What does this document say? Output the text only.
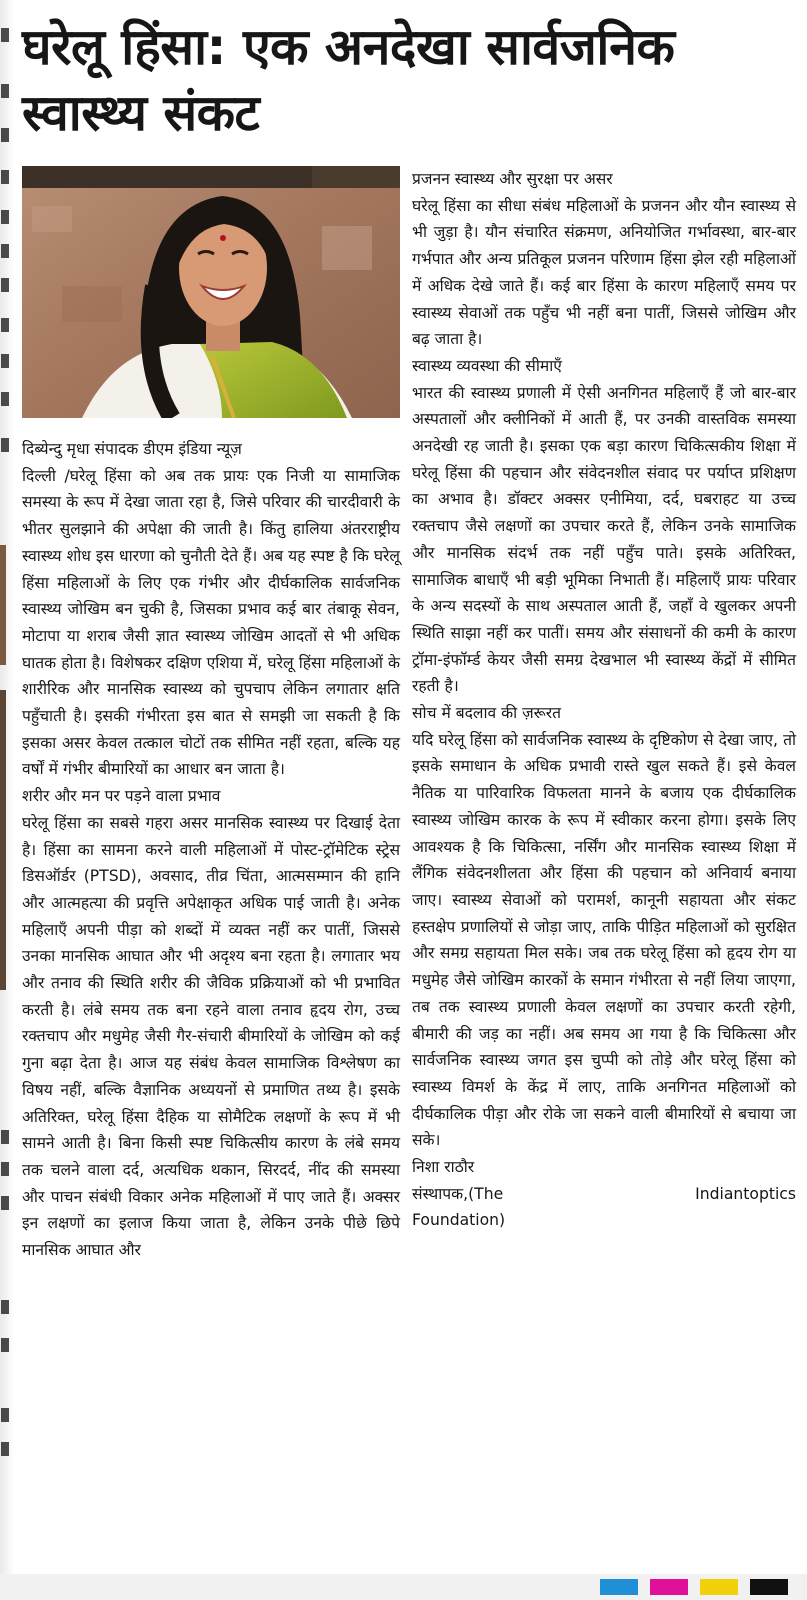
घरेलू हिंसा: एक अनदेखा सार्वजनिक स्वास्थ्य संकट

दिब्येन्दु मृधा संपादक डीएम इंडिया न्यूज़

दिल्ली /घरेलू हिंसा को अब तक प्रायः एक निजी या सामाजिक समस्या के रूप में देखा जाता रहा है, जिसे परिवार की चारदीवारी के भीतर सुलझाने की अपेक्षा की जाती है। किंतु हालिया अंतरराष्ट्रीय स्वास्थ्य शोध इस धारणा को चुनौती देते हैं। अब यह स्पष्ट है कि घरेलू हिंसा महिलाओं के लिए एक गंभीर और दीर्घकालिक सार्वजनिक स्वास्थ्य जोखिम बन चुकी है, जिसका प्रभाव कई बार तंबाकू सेवन, मोटापा या शराब जैसी ज्ञात स्वास्थ्य जोखिम आदतों से भी अधिक घातक होता है। विशेषकर दक्षिण एशिया में, घरेलू हिंसा महिलाओं के शारीरिक और मानसिक स्वास्थ्य को चुपचाप लेकिन लगातार क्षति पहुँचाती है। इसकी गंभीरता इस बात से समझी जा सकती है कि इसका असर केवल तत्काल चोटों तक सीमित नहीं रहता, बल्कि यह वर्षों में गंभीर बीमारियों का आधार बन जाता है।

शरीर और मन पर पड़ने वाला प्रभाव

घरेलू हिंसा का सबसे गहरा असर मानसिक स्वास्थ्य पर दिखाई देता है। हिंसा का सामना करने वाली महिलाओं में पोस्ट-ट्रॉमेटिक स्ट्रेस डिसऑर्डर (PTSD), अवसाद, तीव्र चिंता, आत्मसम्मान की हानि और आत्महत्या की प्रवृत्ति अपेक्षाकृत अधिक पाई जाती है। अनेक महिलाएँ अपनी पीड़ा को शब्दों में व्यक्त नहीं कर पातीं, जिससे उनका मानसिक आघात और भी अदृश्य बना रहता है। लगातार भय और तनाव की स्थिति शरीर की जैविक प्रक्रियाओं को भी प्रभावित करती है। लंबे समय तक बना रहने वाला तनाव हृदय रोग, उच्च रक्तचाप और मधुमेह जैसी गैर-संचारी बीमारियों के जोखिम को कई गुना बढ़ा देता है। आज यह संबंध केवल सामाजिक विश्लेषण का विषय नहीं, बल्कि वैज्ञानिक अध्ययनों से प्रमाणित तथ्य है। इसके अतिरिक्त, घरेलू हिंसा दैहिक या सोमैटिक लक्षणों के रूप में भी सामने आती है। बिना किसी स्पष्ट चिकित्सीय कारण के लंबे समय तक चलने वाला दर्द, अत्यधिक थकान, सिरदर्द, नींद की समस्या और पाचन संबंधी विकार अनेक महिलाओं में पाए जाते हैं। अक्सर इन लक्षणों का इलाज किया जाता है, लेकिन उनके पीछे छिपे मानसिक आघात और

प्रजनन स्वास्थ्य और सुरक्षा पर असर

घरेलू हिंसा का सीधा संबंध महिलाओं के प्रजनन और यौन स्वास्थ्य से भी जुड़ा है। यौन संचारित संक्रमण, अनियोजित गर्भावस्था, बार-बार गर्भपात और अन्य प्रतिकूल प्रजनन परिणाम हिंसा झेल रही महिलाओं में अधिक देखे जाते हैं। कई बार हिंसा के कारण महिलाएँ समय पर स्वास्थ्य सेवाओं तक पहुँच भी नहीं बना पातीं, जिससे जोखिम और बढ़ जाता है।

स्वास्थ्य व्यवस्था की सीमाएँ

भारत की स्वास्थ्य प्रणाली में ऐसी अनगिनत महिलाएँ हैं जो बार-बार अस्पतालों और क्लीनिकों में आती हैं, पर उनकी वास्तविक समस्या अनदेखी रह जाती है। इसका एक बड़ा कारण चिकित्सकीय शिक्षा में घरेलू हिंसा की पहचान और संवेदनशील संवाद पर पर्याप्त प्रशिक्षण का अभाव है। डॉक्टर अक्सर एनीमिया, दर्द, घबराहट या उच्च रक्तचाप जैसे लक्षणों का उपचार करते हैं, लेकिन उनके सामाजिक और मानसिक संदर्भ तक नहीं पहुँच पाते। इसके अतिरिक्त, सामाजिक बाधाएँ भी बड़ी भूमिका निभाती हैं। महिलाएँ प्रायः परिवार के अन्य सदस्यों के साथ अस्पताल आती हैं, जहाँ वे खुलकर अपनी स्थिति साझा नहीं कर पातीं। समय और संसाधनों की कमी के कारण ट्रॉमा-इंफॉर्म्ड केयर जैसी समग्र देखभाल भी स्वास्थ्य केंद्रों में सीमित रहती है।

सोच में बदलाव की ज़रूरत

यदि घरेलू हिंसा को सार्वजनिक स्वास्थ्य के दृष्टिकोण से देखा जाए, तो इसके समाधान के अधिक प्रभावी रास्ते खुल सकते हैं। इसे केवल नैतिक या पारिवारिक विफलता मानने के बजाय एक दीर्घकालिक स्वास्थ्य जोखिम कारक के रूप में स्वीकार करना होगा। इसके लिए आवश्यक है कि चिकित्सा, नर्सिंग और मानसिक स्वास्थ्य शिक्षा में लैंगिक संवेदनशीलता और हिंसा की पहचान को अनिवार्य बनाया जाए। स्वास्थ्य सेवाओं को परामर्श, कानूनी सहायता और संकट हस्तक्षेप प्रणालियों से जोड़ा जाए, ताकि पीड़ित महिलाओं को सुरक्षित और समग्र सहायता मिल सके। जब तक घरेलू हिंसा को हृदय रोग या मधुमेह जैसे जोखिम कारकों के समान गंभीरता से नहीं लिया जाएगा, तब तक स्वास्थ्य प्रणाली केवल लक्षणों का उपचार करती रहेगी, बीमारी की जड़ का नहीं। अब समय आ गया है कि चिकित्सा और सार्वजनिक स्वास्थ्य जगत इस चुप्पी को तोड़े और घरेलू हिंसा को स्वास्थ्य विमर्श के केंद्र में लाए, ताकि अनगिनत महिलाओं को दीर्घकालिक पीड़ा और रोके जा सकने वाली बीमारियों से बचाया जा सके।

निशा राठौर

संस्थापक,(The	Indiantoptics

Foundation)
